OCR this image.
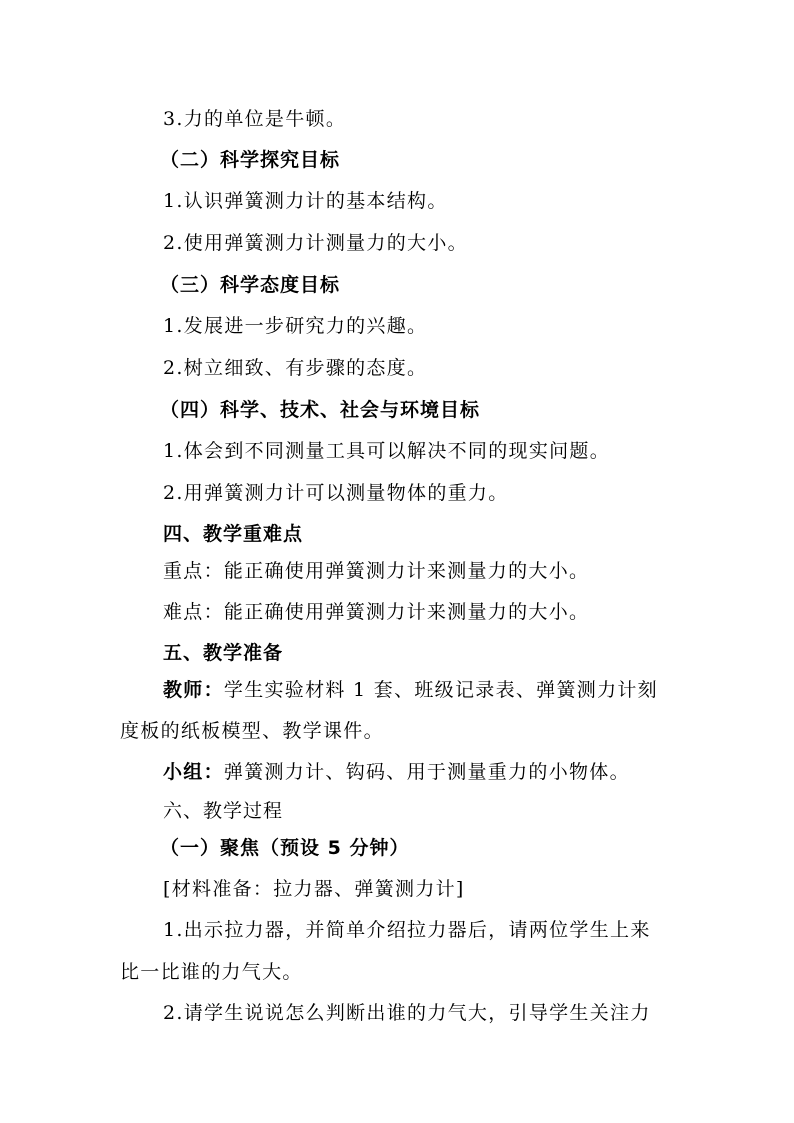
3.力的单位是牛顿。
（二）科学探究目标
1.认识弹簧测力计的基本结构。
2.使用弹簧测力计测量力的大小。
（三）科学态度目标
1.发展进一步研究力的兴趣。
2.树立细致、有步骤的态度。
（四）科学、技术、社会与环境目标
1.体会到不同测量工具可以解决不同的现实问题。
2.用弹簧测力计可以测量物体的重力。
四、教学重难点
重点：能正确使用弹簧测力计来测量力的大小。
难点：能正确使用弹簧测力计来测量力的大小。
五、教学准备
教师：学生实验材料 1 套、班级记录表、弹簧测力计刻
度板的纸板模型、教学课件。
小组：弹簧测力计、钩码、用于测量重力的小物体。
六、教学过程
（一）聚焦（预设 5 分钟）
[材料准备：拉力器、弹簧测力计]
1.出示拉力器，并简单介绍拉力器后，请两位学生上来
比一比谁的力气大。
2.请学生说说怎么判断出谁的力气大，引导学生关注力
